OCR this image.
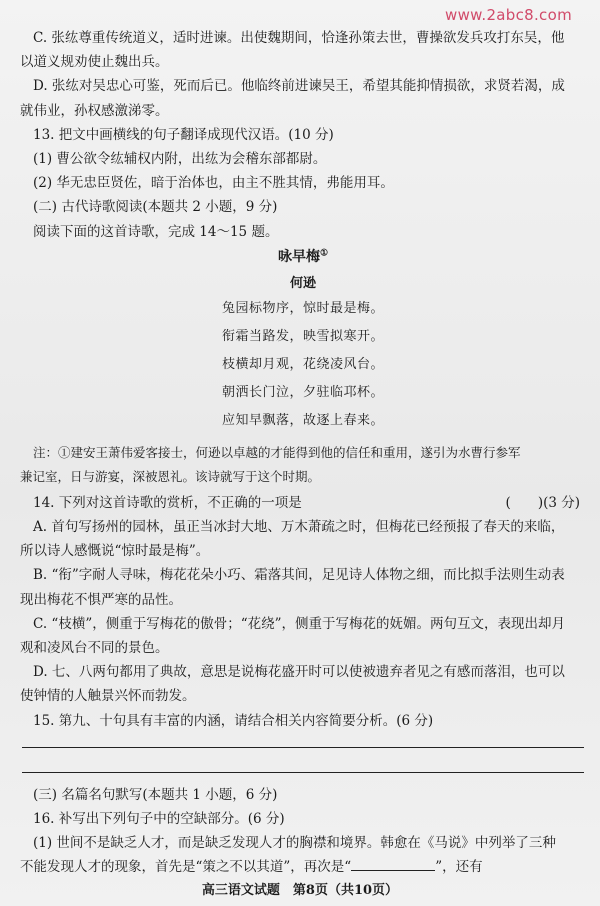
www.2abc8.com
C. 张纮尊重传统道义，适时进谏。出使魏期间，恰逢孙策去世，曹操欲发兵攻打东吴，他
以道义规劝使止魏出兵。
D. 张纮对吴忠心可鉴，死而后已。他临终前进谏吴王，希望其能抑情损欲，求贤若渴，成
就伟业，孙权感激涕零。
13. 把文中画横线的句子翻译成现代汉语。(10 分)
(1) 曹公欲令纮辅权内附，出纮为会稽东部都尉。
(2) 华无忠臣贤佐，暗于治体也，由主不胜其情，弗能用耳。
(二) 古代诗歌阅读(本题共 2 小题，9 分)
阅读下面的这首诗歌，完成 14～15 题。
咏早梅①
何逊
兔园标物序，惊时最是梅。
衔霜当路发，映雪拟寒开。
枝横却月观，花绕凌风台。
朝洒长门泣，夕驻临邛杯。
应知早飘落，故逐上春来。
注：①建安王萧伟爱客接士，何逊以卓越的才能得到他的信任和重用，遂引为水曹行参军
兼记室，日与游宴，深被恩礼。该诗就写于这个时期。
14. 下列对这首诗歌的赏析，不正确的一项是	(　　)(3 分)
A. 首句写扬州的园林，虽正当冰封大地、万木萧疏之时，但梅花已经预报了春天的来临，
所以诗人感慨说“惊时最是梅”。
B. “衔”字耐人寻味，梅花花朵小巧、霜落其间，足见诗人体物之细，而比拟手法则生动表
现出梅花不惧严寒的品性。
C. “枝横”，侧重于写梅花的傲骨；“花绕”，侧重于写梅花的妩媚。两句互文，表现出却月
观和凌风台不同的景色。
D. 七、八两句都用了典故，意思是说梅花盛开时可以使被遗弃者见之有感而落泪，也可以
使钟情的人触景兴怀而勃发。
15. 第九、十句具有丰富的内涵，请结合相关内容简要分析。(6 分)
(三) 名篇名句默写(本题共 1 小题，6 分)
16. 补写出下列句子中的空缺部分。(6 分)
(1) 世间不是缺乏人才，而是缺乏发现人才的胸襟和境界。韩愈在《马说》中列举了三种
不能发现人才的现象，首先是“策之不以其道”，再次是“	”，还有
高三语文试题　第8页（共10页）
